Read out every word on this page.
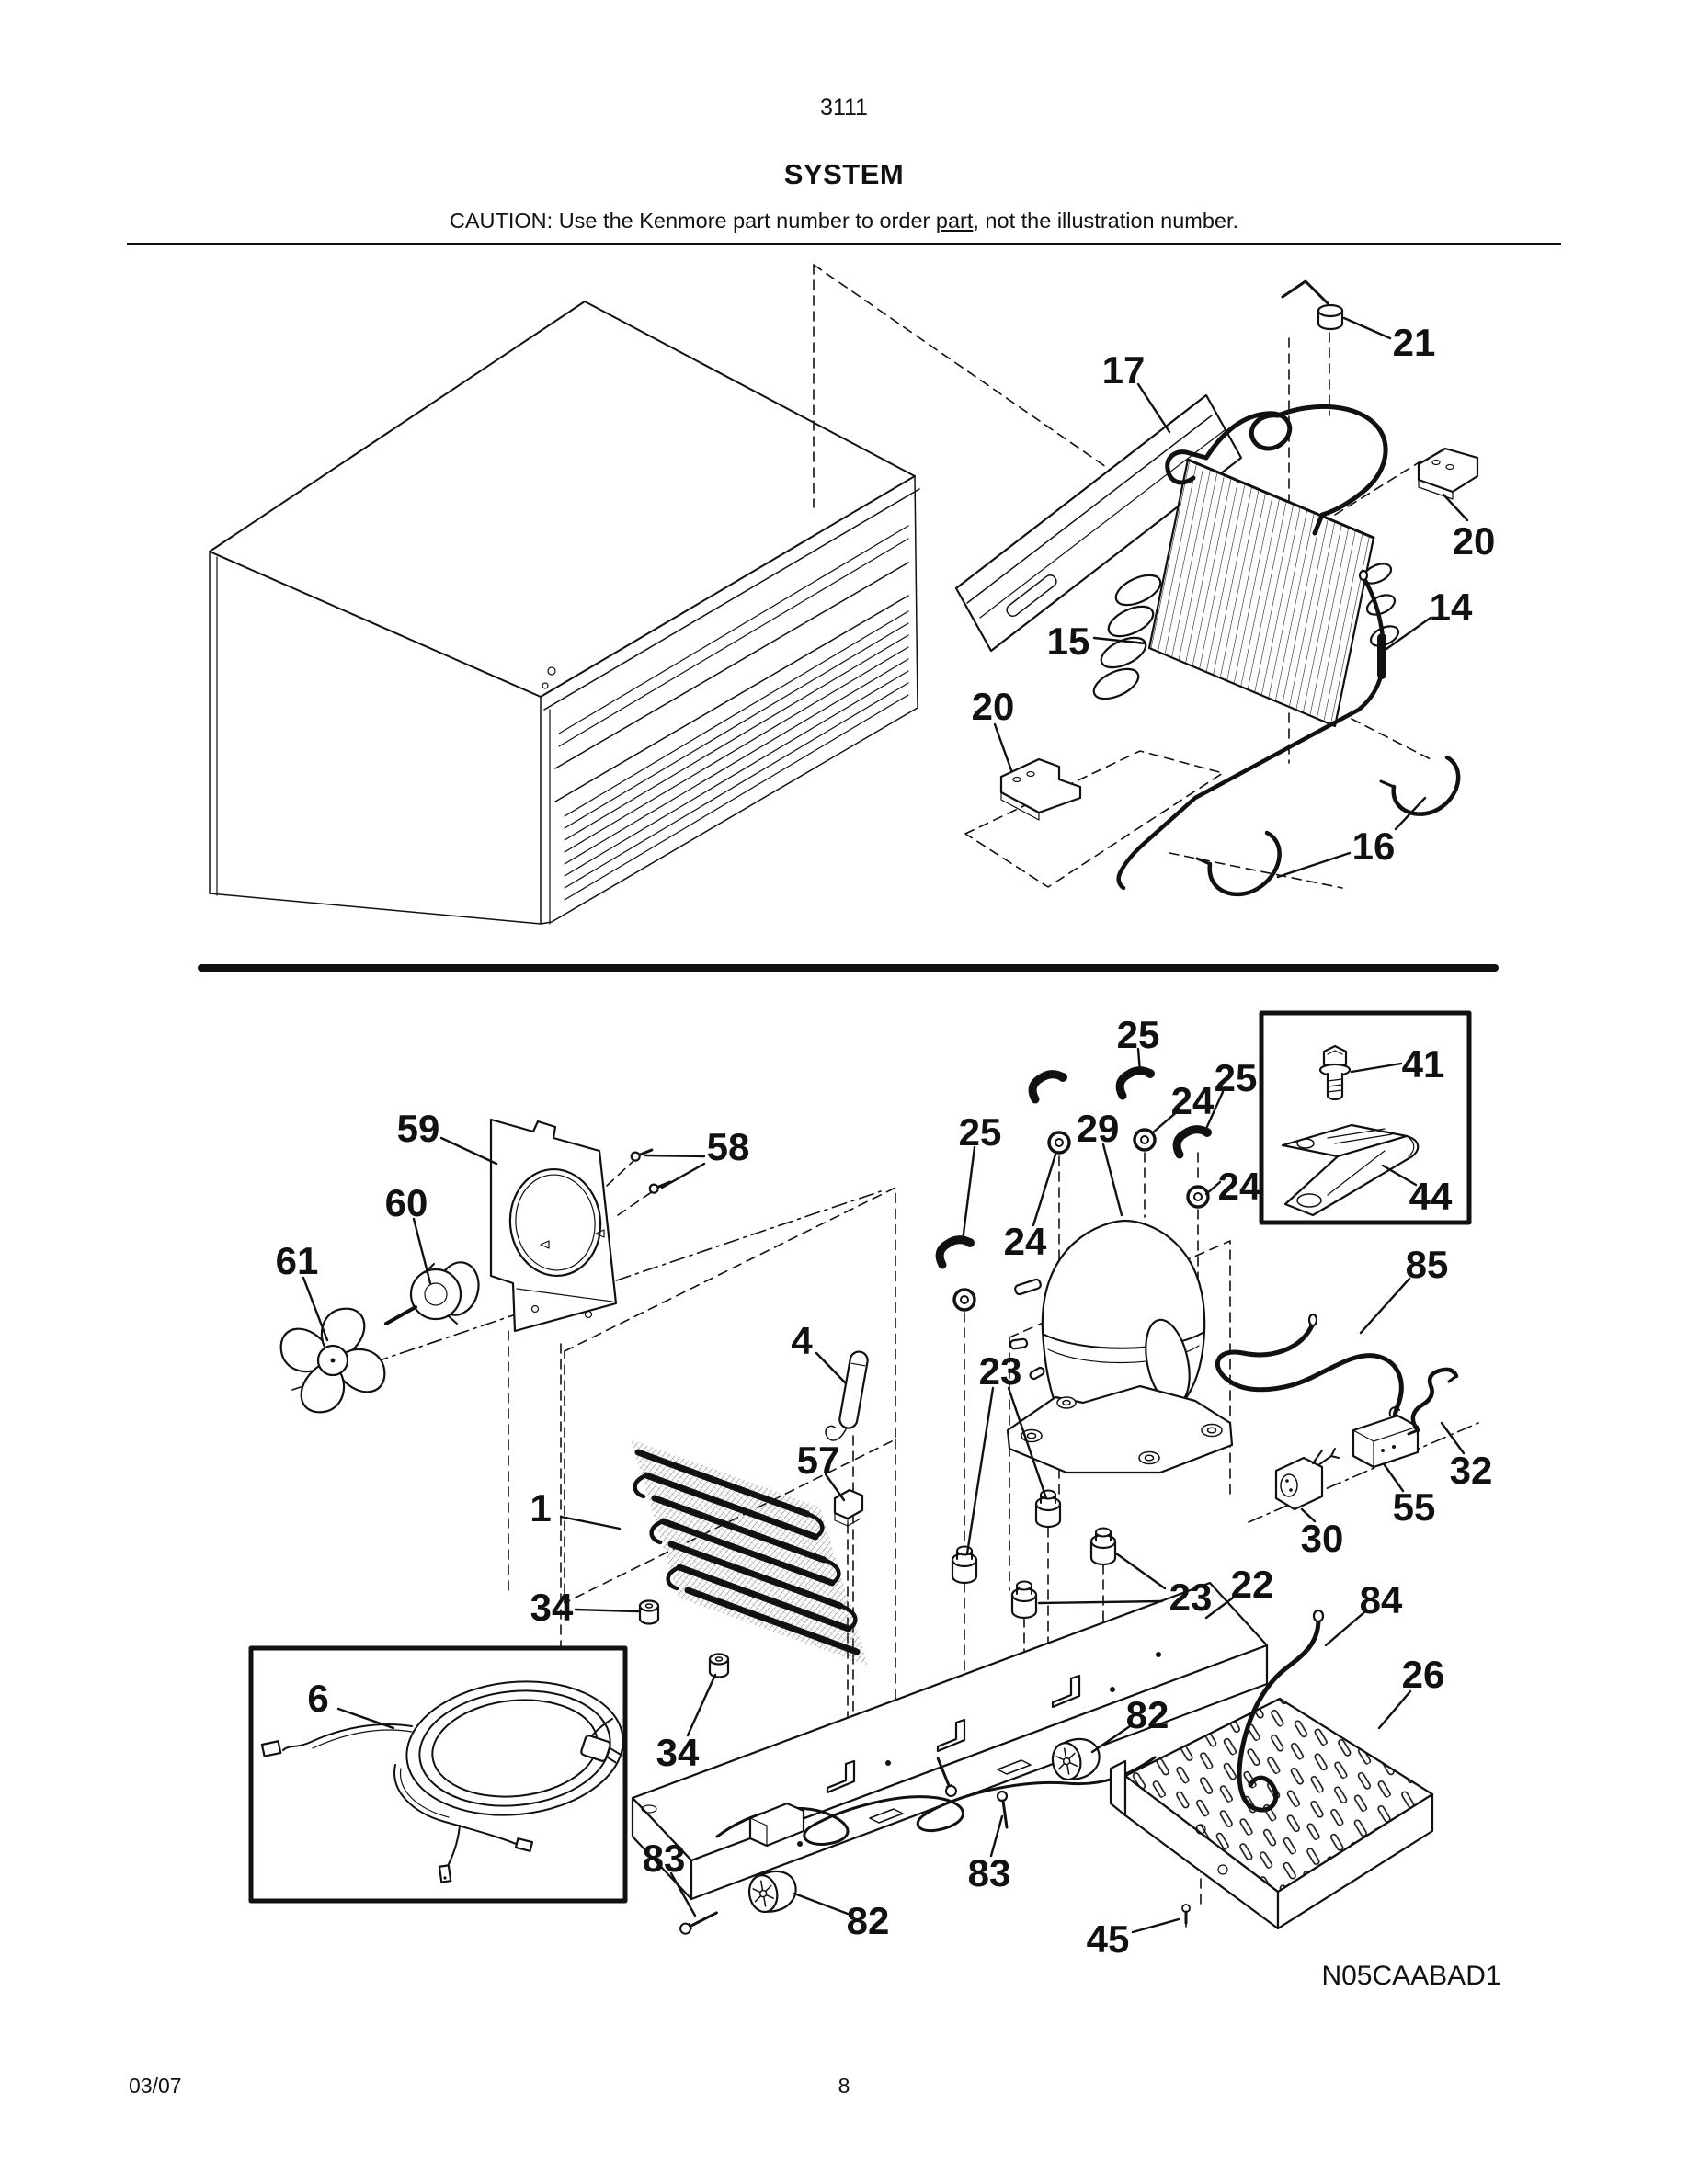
3111
SYSTEM
CAUTION: Use the Kenmore part number to order part, not the illustration number.
N05CAABAD1
03/07	8
17
21
20
15
14
20
16
25
24
25
29
41
25
24
24	44
59	58
60
61	85
4
23
57	32
1	55
30
23
34
22 84
26
6
34
82
83
83
82	45
